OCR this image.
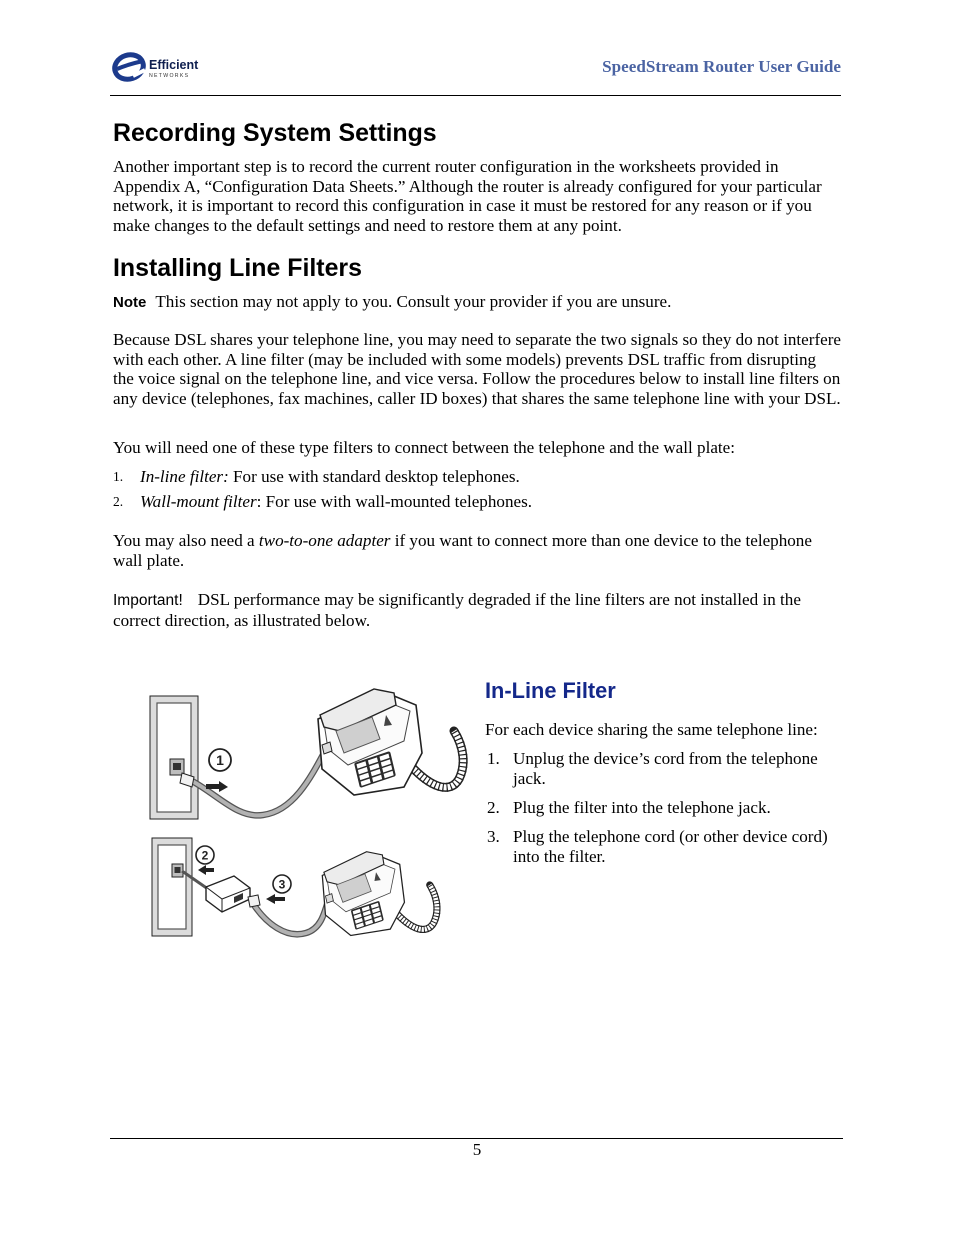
Efficient
NETWORKS	SpeedStream Router User Guide
Recording System Settings

Another important step is to record the current router configuration in the worksheets provided in Appendix A, “Configuration Data Sheets.” Although the router is already configured for your particular network, it is important to record this configuration in case it must be restored for any reason or if you make changes to the default settings and need to restore them at any point.

Installing Line Filters
Note This section may not apply to you. Consult your provider if you are unsure.

Because DSL shares your telephone line, you may need to separate the two signals so they do not interfere with each other. A line filter (may be included with some models) prevents DSL traffic from disrupting the voice signal on the telephone line, and vice versa. Follow the procedures below to install line filters on any device (telephones, fax machines, caller ID boxes) that shares the same telephone line with your DSL.

You will need one of these type filters to connect between the telephone and the wall plate:

1. In-line filter: For use with standard desktop telephones.
2. Wall-mount filter: For use with wall-mounted telephones.

You may also need a two-to-one adapter if you want to connect more than one device to the telephone wall plate.

Important! DSL performance may be significantly degraded if the line filters are not installed in the correct direction, as illustrated below.

1
2
3
In-Line Filter

For each device sharing the same telephone line:

1. Unplug the device’s cord from the telephone jack.
2. Plug the filter into the telephone jack.
3. Plug the telephone cord (or other device cord) into the filter.
5
